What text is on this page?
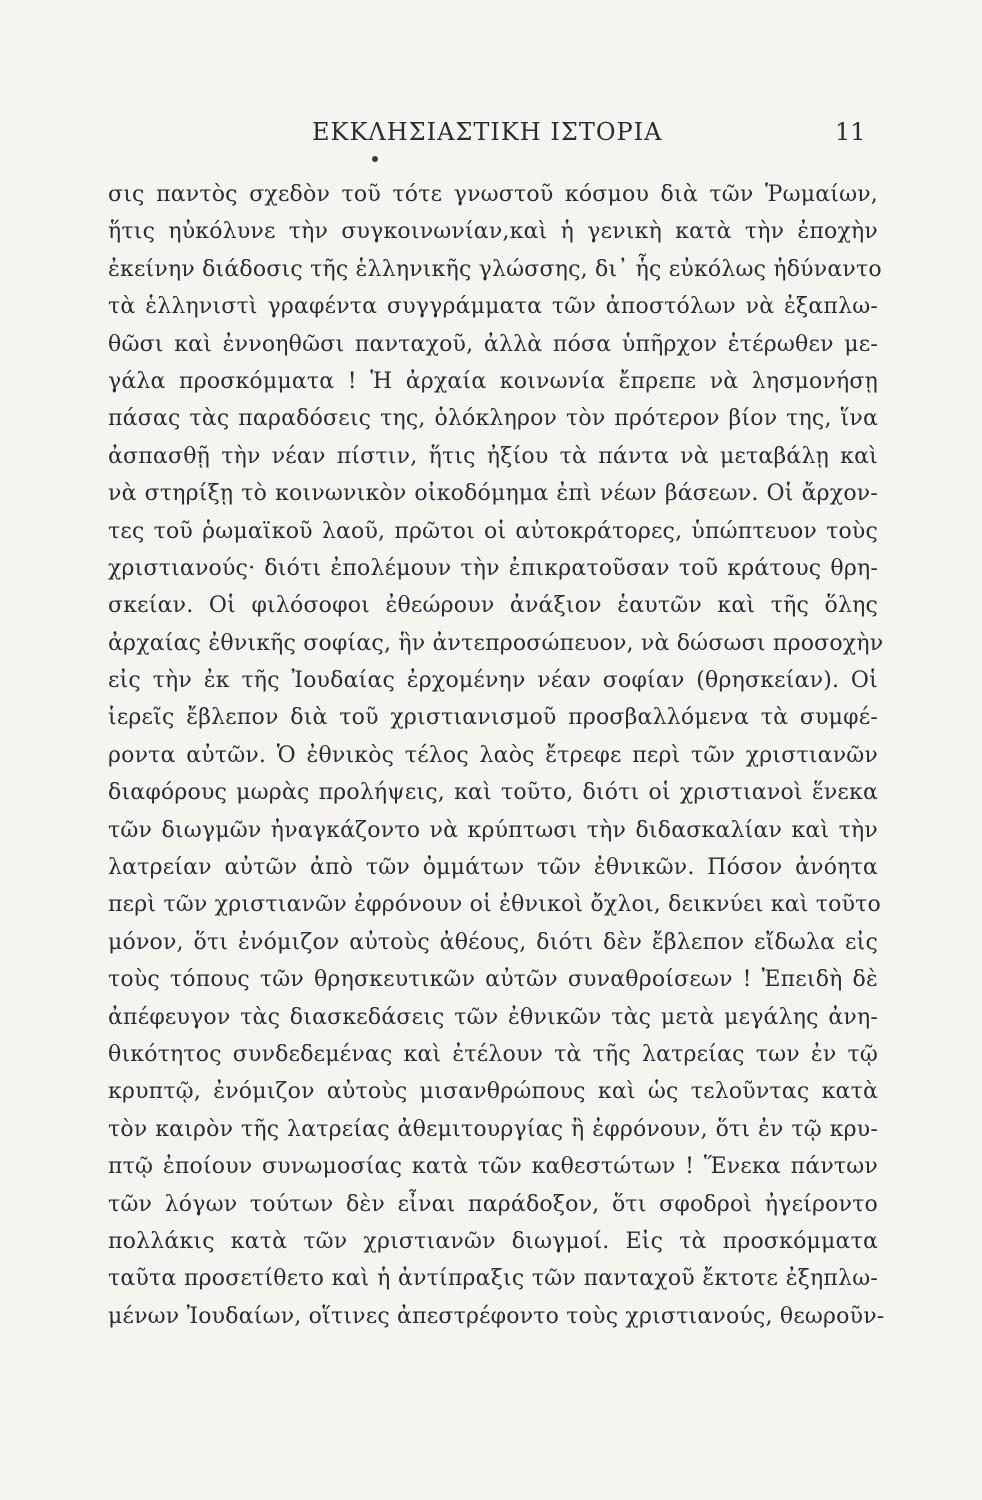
ΕΚΚΛΗΣΙΑΣΤΙΚΗ ΙΣΤΟΡΙΑ	11
σις παντὸς σχεδὸν τοῦ τότε γνωστοῦ κόσμου διὰ τῶν Ῥωμαίων,
ἥτις ηὐκόλυνε τὴν συγκοινωνίαν,καὶ ἡ γενικὴ κατὰ τὴν ἐποχὴν
ἐκείνην διάδοσις τῆς ἑλληνικῆς γλώσσης, δι᾽ ἧς εὐκόλως ἠδύναντο
τὰ ἑλληνιστὶ γραφέντα συγγράμματα τῶν ἀποστόλων νὰ ἐξαπλω-
θῶσι καὶ ἐννοηθῶσι πανταχοῦ, ἀλλὰ πόσα ὑπῆρχον ἑτέρωθεν με-
γάλα προσκόμματα ! Ἡ ἀρχαία κοινωνία ἔπρεπε νὰ λησμονήσῃ
πάσας τὰς παραδόσεις της, ὁλόκληρον τὸν πρότερον βίον της, ἵνα
ἀσπασθῇ τὴν νέαν πίστιν, ἥτις ἠξίου τὰ πάντα νὰ μεταβάλῃ καὶ
νὰ στηρίξῃ τὸ κοινωνικὸν οἰκοδόμημα ἐπὶ νέων βάσεων. Οἱ ἄρχον-
τες τοῦ ῥωμαϊκοῦ λαοῦ, πρῶτοι οἱ αὐτοκράτορες, ὑπώπτευον τοὺς
χριστιανούς· διότι ἐπολέμουν τὴν ἐπικρατοῦσαν τοῦ κράτους θρη-
σκείαν. Οἱ φιλόσοφοι ἐθεώρουν ἀνάξιον ἑαυτῶν καὶ τῆς ὅλης
ἀρχαίας ἐθνικῆς σοφίας, ἣν ἀντεπροσώπευον, νὰ δώσωσι προσοχὴν
εἰς τὴν ἐκ τῆς Ἰουδαίας ἐρχομένην νέαν σοφίαν (θρησκείαν). Οἱ
ἱερεῖς ἔβλεπον διὰ τοῦ χριστιανισμοῦ προσβαλλόμενα τὰ συμφέ-
ροντα αὐτῶν. Ὁ ἐθνικὸς τέλος λαὸς ἔτρεφε περὶ τῶν χριστιανῶν
διαφόρους μωρὰς προλήψεις, καὶ τοῦτο, διότι οἱ χριστιανοὶ ἕνεκα
τῶν διωγμῶν ἠναγκάζοντο νὰ κρύπτωσι τὴν διδασκαλίαν καὶ τὴν
λατρείαν αὐτῶν ἀπὸ τῶν ὀμμάτων τῶν ἐθνικῶν. Πόσον ἀνόητα
περὶ τῶν χριστιανῶν ἐφρόνουν οἱ ἐθνικοὶ ὄχλοι, δεικνύει καὶ τοῦτο
μόνον, ὅτι ἐνόμιζον αὐτοὺς ἀθέους, διότι δὲν ἔβλεπον εἴδωλα εἰς
τοὺς τόπους τῶν θρησκευτικῶν αὐτῶν συναθροίσεων ! Ἐπειδὴ δὲ
ἀπέφευγον τὰς διασκεδάσεις τῶν ἐθνικῶν τὰς μετὰ μεγάλης ἀνη-
θικότητος συνδεδεμένας καὶ ἐτέλουν τὰ τῆς λατρείας των ἐν τῷ
κρυπτῷ, ἐνόμιζον αὐτοὺς μισανθρώπους καὶ ὡς τελοῦντας κατὰ
τὸν καιρὸν τῆς λατρείας ἀθεμιτουργίας ἢ ἐφρόνουν, ὅτι ἐν τῷ κρυ-
πτῷ ἐποίουν συνωμοσίας κατὰ τῶν καθεστώτων ! Ἕνεκα πάντων
τῶν λόγων τούτων δὲν εἶναι παράδοξον, ὅτι σφοδροὶ ἠγείροντο
πολλάκις κατὰ τῶν χριστιανῶν διωγμοί. Εἰς τὰ προσκόμματα
ταῦτα προσετίθετο καὶ ἡ ἀντίπραξις τῶν πανταχοῦ ἔκτοτε ἐξηπλω-
μένων Ἰουδαίων, οἵτινες ἀπεστρέφοντο τοὺς χριστιανούς, θεωροῦν-
